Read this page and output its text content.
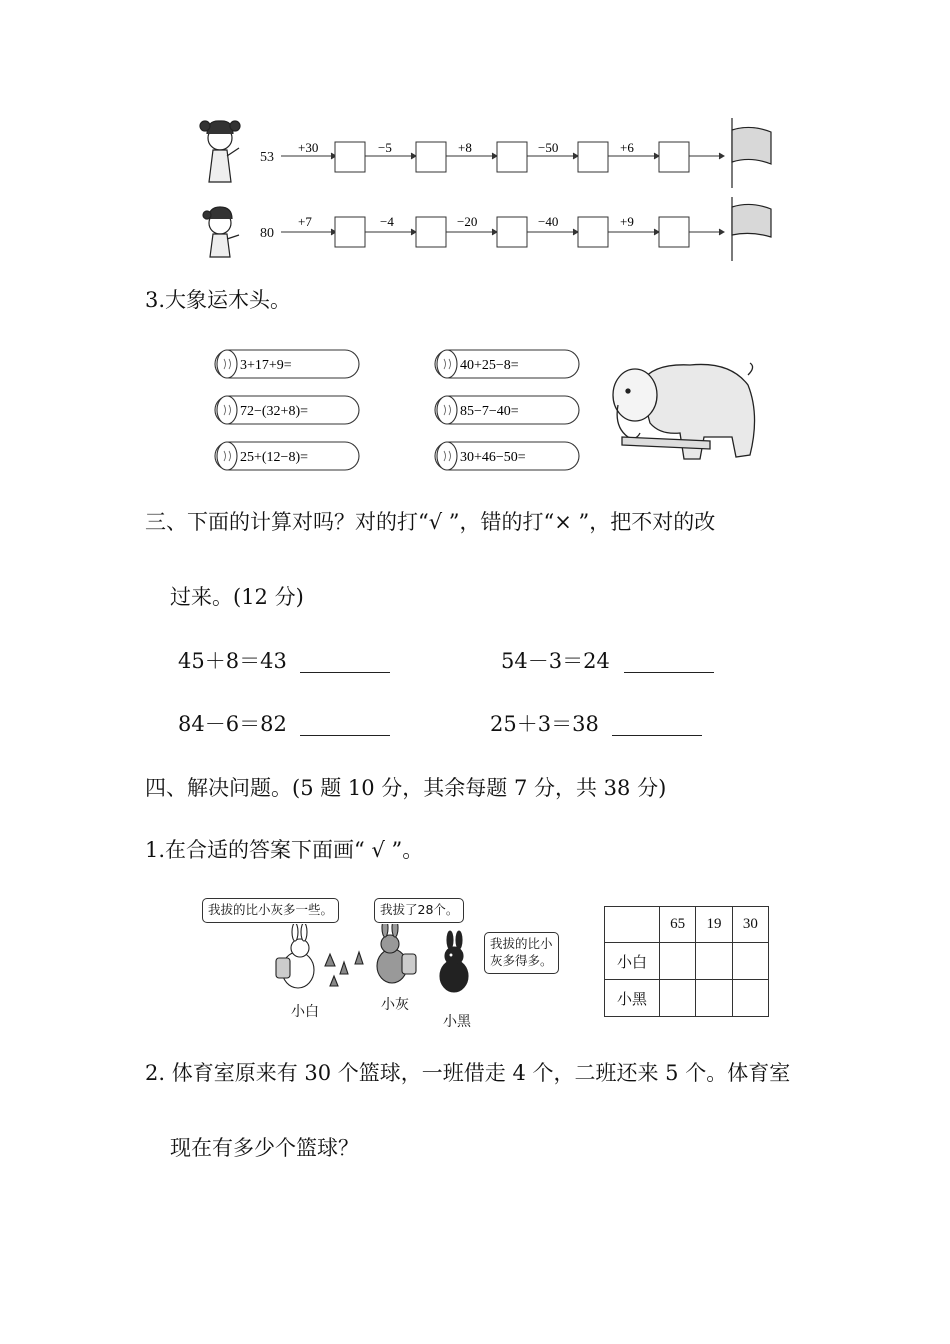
53
+30	−5	+8	−50	+6
80
+7	−4	−20	−40	+9
3.大象运木头。
3+17+9=	40+25−8=
72−(32+8)=	85−7−40=
25+(12−8)=	30+46−50=
三、下面的计算对吗？对的打“√ ”，错的打“× ”，把不对的改
过来。(12 分)
45＋8＝43	54－3＝24
84－6＝82	25＋3＝38
四、解决问题。(5 题 10 分，其余每题 7 分，共 38 分)
1.在合适的答案下面画“ √ ”。
我拔的比小灰多一些。	我拔了28个。
我拔的比小
灰多得多。
小白	小灰
小黑
	65	19	30
小白			
小黑			
2. 体育室原来有 30 个篮球，一班借走 4 个，二班还来 5 个。体育室
现在有多少个篮球？
